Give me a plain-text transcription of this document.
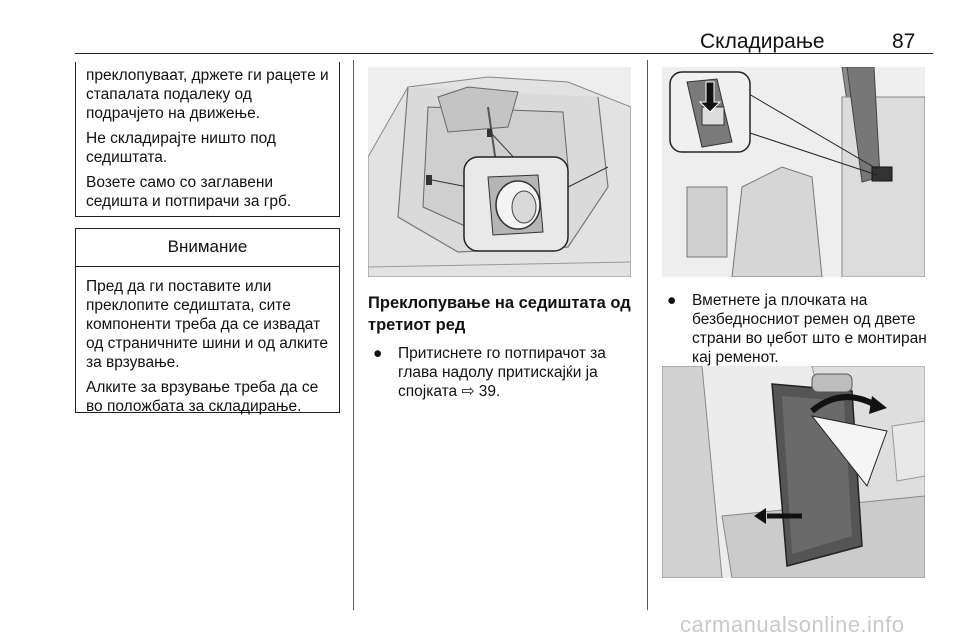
Складирање	87

преклопуваат, држете ги рацете и стапалата подалеку од подрачјето на движење.

Не складирајте ништо под седиштата.

Возете само со заглавени седишта и потпирачи за грб.

Внимание

Пред да ги поставите или преклопите седиштата, сите компоненти треба да се извадат од страничните шини и од алките за врзување.

Алките за врзување треба да се во положбата за складирање.

Преклопување на седиштата од третиот ред
● Притиснете го потпирачот за глава надолу притискајќи ја спојката ⇨ 39.
● Вметнете ја плочката на безбедносниот ремен од двете страни во џебот што е монтиран кај ременот.
carmanualsonline.info
